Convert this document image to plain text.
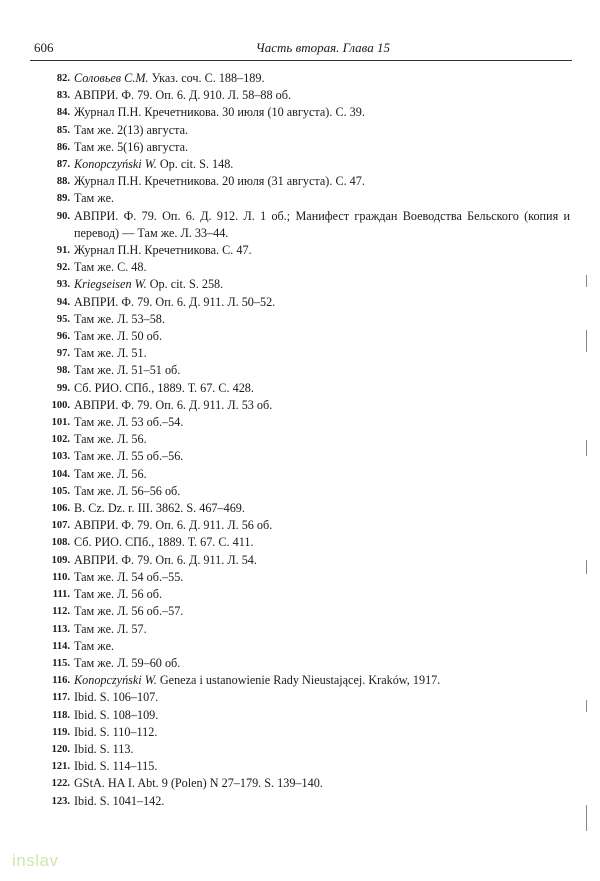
606	Часть вторая. Глава 15
82. Соловьев С.М. Указ. соч. С. 188–189.
83. АВПРИ. Ф. 79. Оп. 6. Д. 910. Л. 58–88 об.
84. Журнал П.Н. Кречетникова. 30 июля (10 августа). С. 39.
85. Там же. 2(13) августа.
86. Там же. 5(16) августа.
87. Konopczyński W. Op. cit. S. 148.
88. Журнал П.Н. Кречетникова. 20 июля (31 августа). С. 47.
89. Там же.
90. АВПРИ. Ф. 79. Оп. 6. Д. 912. Л. 1 об.; Манифест граждан Воеводства Бельского (копия и перевод) — Там же. Л. 33–44.
91. Журнал П.Н. Кречетникова. С. 47.
92. Там же. С. 48.
93. Kriegseisen W. Op. cit. S. 258.
94. АВПРИ. Ф. 79. Оп. 6. Д. 911. Л. 50–52.
95. Там же. Л. 53–58.
96. Там же. Л. 50 об.
97. Там же. Л. 51.
98. Там же. Л. 51–51 об.
99. Сб. РИО. СПб., 1889. Т. 67. С. 428.
100. АВПРИ. Ф. 79. Оп. 6. Д. 911. Л. 53 об.
101. Там же. Л. 53 об.–54.
102. Там же. Л. 56.
103. Там же. Л. 55 об.–56.
104. Там же. Л. 56.
105. Там же. Л. 56–56 об.
106. B. Cz. Dz. r. III. 3862. S. 467–469.
107. АВПРИ. Ф. 79. Оп. 6. Д. 911. Л. 56 об.
108. Сб. РИО. СПб., 1889. Т. 67. С. 411.
109. АВПРИ. Ф. 79. Оп. 6. Д. 911. Л. 54.
110. Там же. Л. 54 об.–55.
111. Там же. Л. 56 об.
112. Там же. Л. 56 об.–57.
113. Там же. Л. 57.
114. Там же.
115. Там же. Л. 59–60 об.
116. Konopczyński W. Geneza i ustanowienie Rady Nieustającej. Kraków, 1917.
117. Ibid. S. 106–107.
118. Ibid. S. 108–109.
119. Ibid. S. 110–112.
120. Ibid. S. 113.
121. Ibid. S. 114–115.
122. GStA. HA I. Abt. 9 (Polen) N 27–179. S. 139–140.
123. Ibid. S. 1041–142.
inslav
